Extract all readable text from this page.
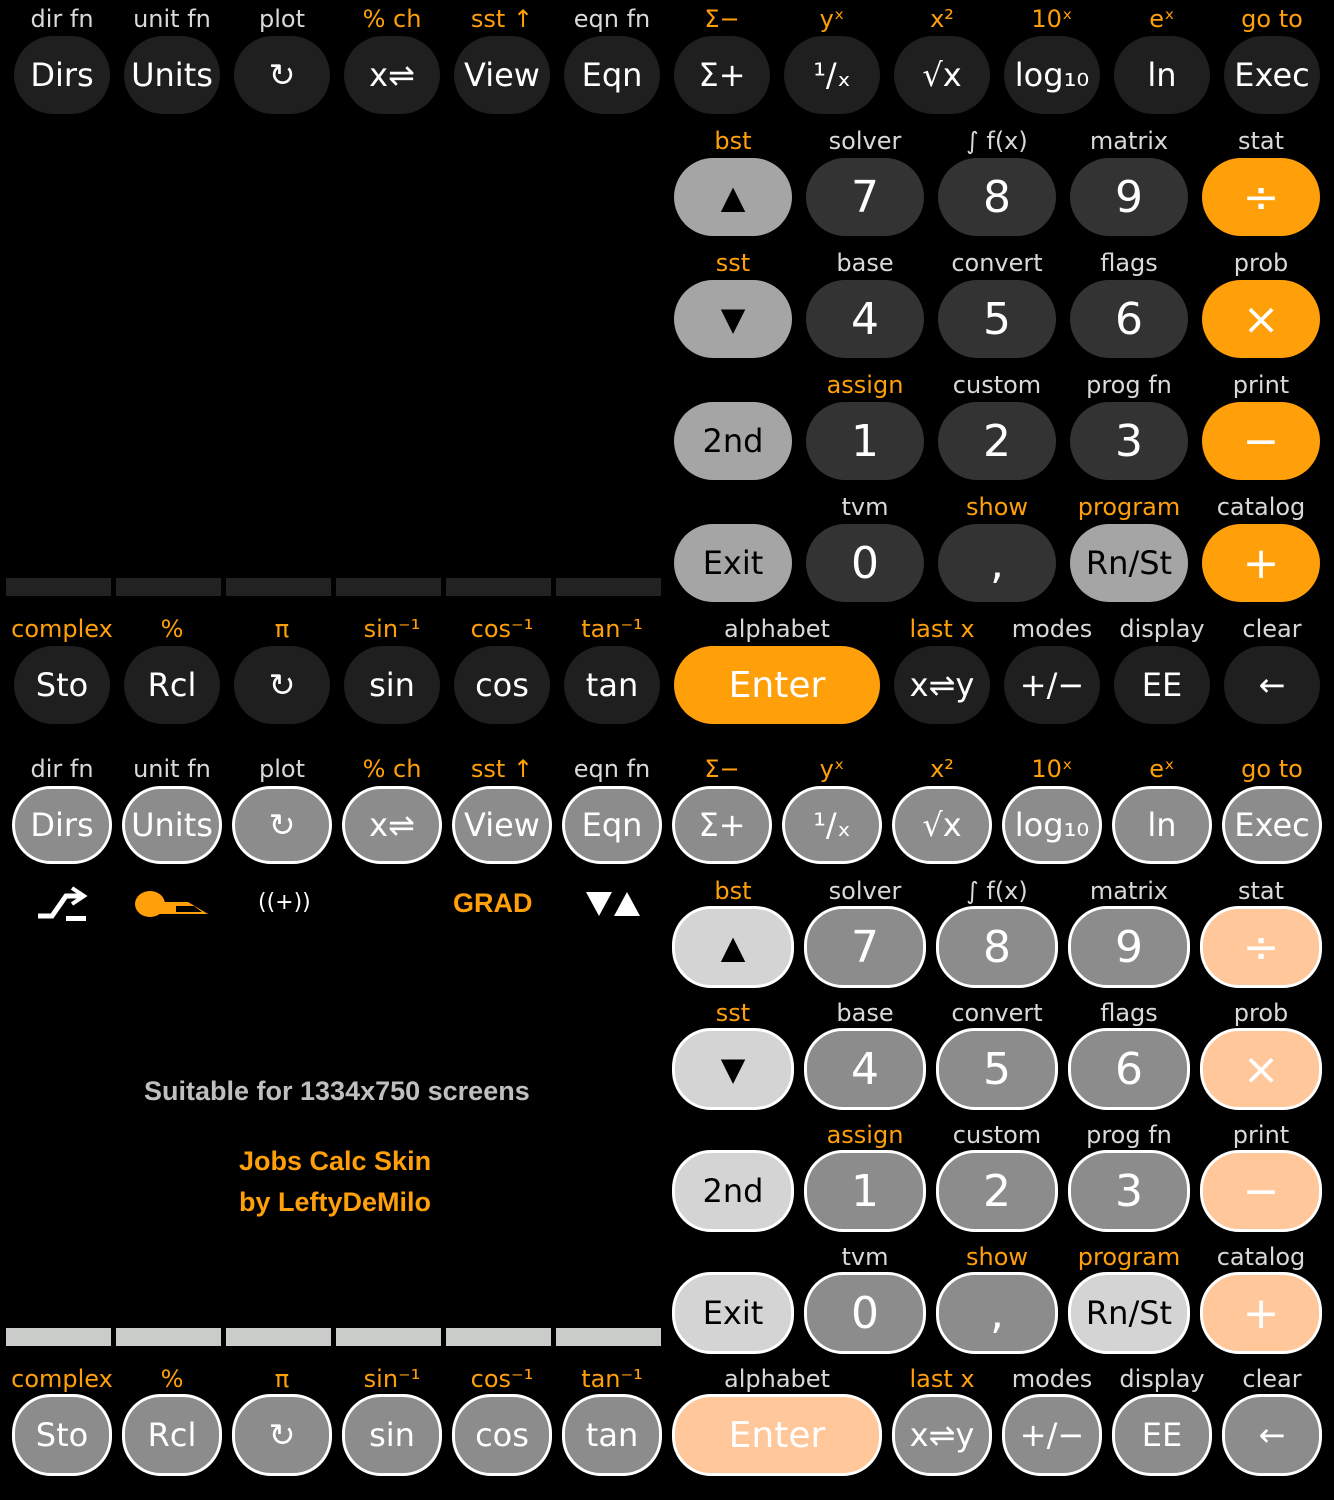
dir fn	unit fn	plot	% ch	sst ↑	eqn fn	Σ−	yˣ	x²	10ˣ	eˣ	go to
Dirs	Units	↻	x⇌	View	Eqn	Σ+	¹/ₓ	√x	log₁₀	ln	Exec
bst	solver	∫ f(x)	matrix	stat
▲	7	8	9	÷
sst	base	convert	flags	prob
▼	4	5	6	×
assign	custom	prog fn	print
2nd	1	2	3	−
tvm	show	program	catalog
Exit	0	,	Rn/St	+
complex	%	π	sin⁻¹	cos⁻¹	tan⁻¹	alphabet	last x	modes	display	clear
Sto	Rcl	↻	sin	cos	tan	Enter	x⇌y	+/−	EE	←
dir fn	unit fn	plot	% ch	sst ↑	eqn fn	Σ−	yˣ	x²	10ˣ	eˣ	go to
Dirs	Units	↻	x⇌	View	Eqn	Σ+	¹/ₓ	√x	log₁₀	ln	Exec
((+))	GRAD
Suitable for 1334x750 screens
Jobs Calc Skin
by LeftyDeMilo
bst	solver	∫ f(x)	matrix	stat
▲	7	8	9	÷
sst	base	convert	flags	prob
▼	4	5	6	×
assign	custom	prog fn	print
2nd	1	2	3	−
tvm	show	program	catalog
Exit	0	,	Rn/St	+
complex	%	π	sin⁻¹	cos⁻¹	tan⁻¹	alphabet	last x	modes	display	clear
Sto	Rcl	↻	sin	cos	tan	Enter	x⇌y	+/−	EE	←
